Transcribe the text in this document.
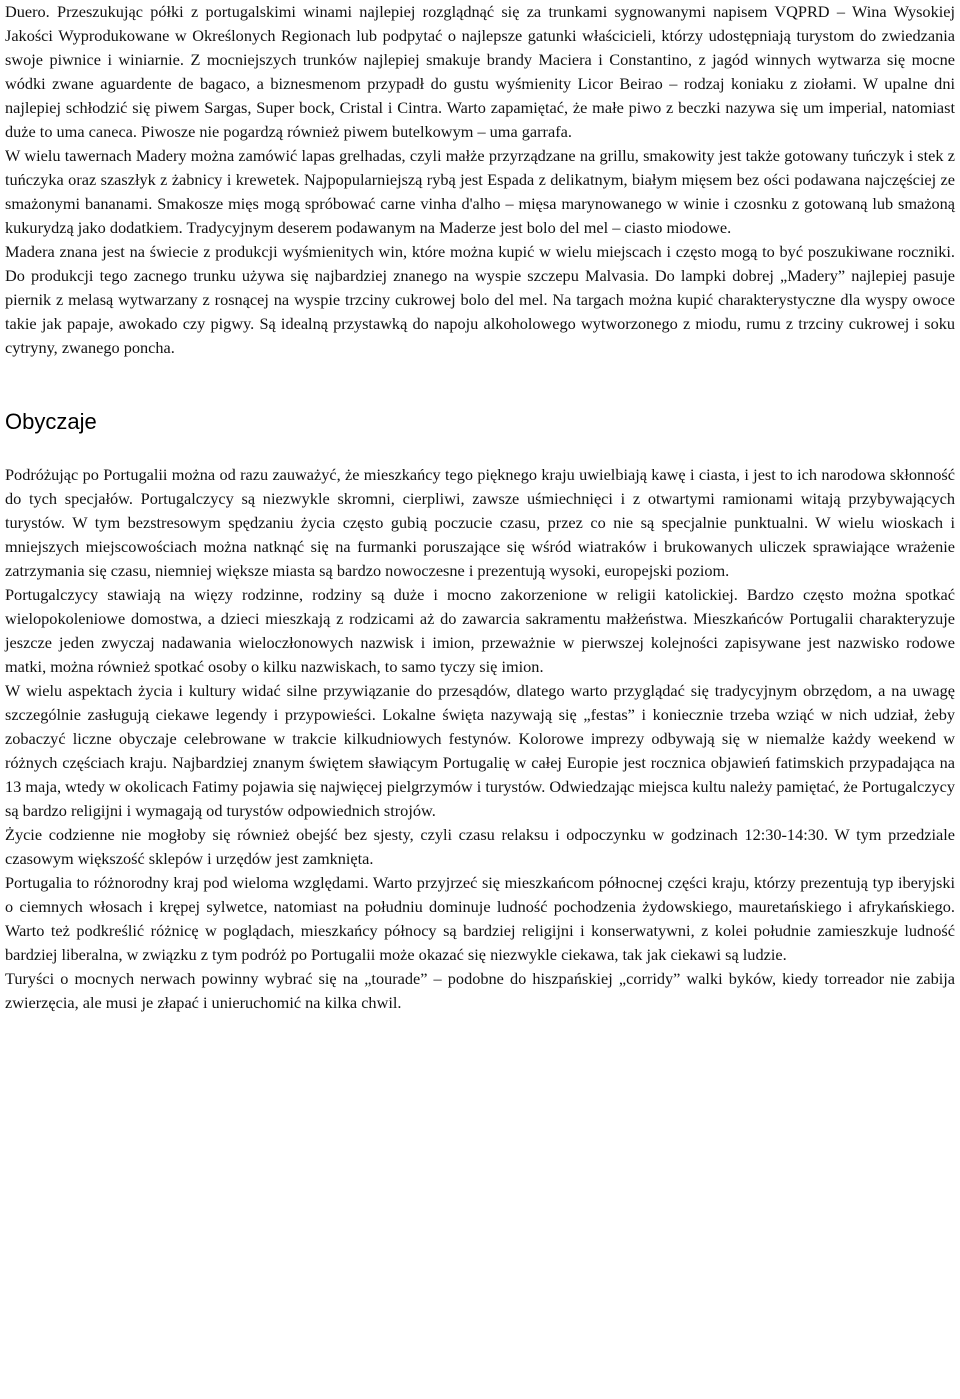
Duero. Przeszukując półki z portugalskimi winami najlepiej rozglądnąć się za trunkami sygnowanymi napisem VQPRD – Wina Wysokiej Jakości Wyprodukowane w Określonych Regionach lub podpytać o najlepsze gatunki właścicieli, którzy udostępniają turystom do zwiedzania swoje piwnice i winiarnie. Z mocniejszych trunków najlepiej smakuje brandy Maciera i Constantino, z jagód winnych wytwarza się mocne wódki zwane aguardente de bagaco, a biznesmenom przypadł do gustu wyśmienity Licor Beirao – rodzaj koniaku z ziołami. W upalne dni najlepiej schłodzić się piwem Sargas, Super bock, Cristal i Cintra. Warto zapamiętać, że małe piwo z beczki nazywa się um imperial, natomiast duże to uma caneca. Piwosze nie pogardzą również piwem butelkowym – uma garrafa.

W wielu tawernach Madery można zamówić lapas grelhadas, czyli małże przyrządzane na grillu, smakowity jest także gotowany tuńczyk i stek z tuńczyka oraz szaszłyk z żabnicy i krewetek. Najpopularniejszą rybą jest Espada z delikatnym, białym mięsem bez ości podawana najczęściej ze smażonymi bananami. Smakosze mięs mogą spróbować carne vinha d'alho – mięsa marynowanego w winie i czosnku z gotowaną lub smażoną kukurydzą jako dodatkiem. Tradycyjnym deserem podawanym na Maderze jest bolo del mel – ciasto miodowe.

Madera znana jest na świecie z produkcji wyśmienitych win, które można kupić w wielu miejscach i często mogą to być poszukiwane roczniki. Do produkcji tego zacnego trunku używa się najbardziej znanego na wyspie szczepu Malvasia. Do lampki dobrej „Madery” najlepiej pasuje piernik z melasą wytwarzany z rosnącej na wyspie trzciny cukrowej bolo del mel. Na targach można kupić charakterystyczne dla wyspy owoce takie jak papaje, awokado czy pigwy. Są idealną przystawką do napoju alkoholowego wytworzonego z miodu, rumu z trzciny cukrowej i soku cytryny, zwanego poncha.

Obyczaje

Podróżując po Portugalii można od razu zauważyć, że mieszkańcy tego pięknego kraju uwielbiają kawę i ciasta, i jest to ich narodowa skłonność do tych specjałów. Portugalczycy są niezwykle skromni, cierpliwi, zawsze uśmiechnięci i z otwartymi ramionami witają przybywających turystów. W tym bezstresowym spędzaniu życia często gubią poczucie czasu, przez co nie są specjalnie punktualni. W wielu wioskach i mniejszych miejscowościach można natknąć się na furmanki poruszające się wśród wiatraków i brukowanych uliczek sprawiające wrażenie zatrzymania się czasu, niemniej większe miasta są bardzo nowoczesne i prezentują wysoki, europejski poziom.

Portugalczycy stawiają na więzy rodzinne, rodziny są duże i mocno zakorzenione w religii katolickiej. Bardzo często można spotkać wielopokoleniowe domostwa, a dzieci mieszkają z rodzicami aż do zawarcia sakramentu małżeństwa. Mieszkańców Portugalii charakteryzuje jeszcze jeden zwyczaj nadawania wieloczłonowych nazwisk i imion, przeważnie w pierwszej kolejności zapisywane jest nazwisko rodowe matki, można również spotkać osoby o kilku nazwiskach, to samo tyczy się imion.

W wielu aspektach życia i kultury widać silne przywiązanie do przesądów, dlatego warto przyglądać się tradycyjnym obrzędom, a na uwagę szczególnie zasługują ciekawe legendy i przypowieści. Lokalne święta nazywają się „festas” i koniecznie trzeba wziąć w nich udział, żeby zobaczyć liczne obyczaje celebrowane w trakcie kilkudniowych festynów. Kolorowe imprezy odbywają się w niemalże każdy weekend w różnych częściach kraju. Najbardziej znanym świętem sławiącym Portugalię w całej Europie jest rocznica objawień fatimskich przypadająca na 13 maja, wtedy w okolicach Fatimy pojawia się najwięcej pielgrzymów i turystów. Odwiedzając miejsca kultu należy pamiętać, że Portugalczycy są bardzo religijni i wymagają od turystów odpowiednich strojów.

Życie codzienne nie mogłoby się również obejść bez sjesty, czyli czasu relaksu i odpoczynku w godzinach 12:30-14:30. W tym przedziale czasowym większość sklepów i urzędów jest zamknięta.

Portugalia to różnorodny kraj pod wieloma względami. Warto przyjrzeć się mieszkańcom północnej części kraju, którzy prezentują typ iberyjski o ciemnych włosach i krępej sylwetce, natomiast na południu dominuje ludność pochodzenia żydowskiego, mauretańskiego i afrykańskiego. Warto też podkreślić różnicę w poglądach, mieszkańcy północy są bardziej religijni i konserwatywni, z kolei południe zamieszkuje ludność bardziej liberalna, w związku z tym podróż po Portugalii może okazać się niezwykle ciekawa, tak jak ciekawi są ludzie.

Turyści o mocnych nerwach powinny wybrać się na „tourade” – podobne do hiszpańskiej „corridy” walki byków, kiedy torreador nie zabija zwierzęcia, ale musi je złapać i unieruchomić na kilka chwil.
